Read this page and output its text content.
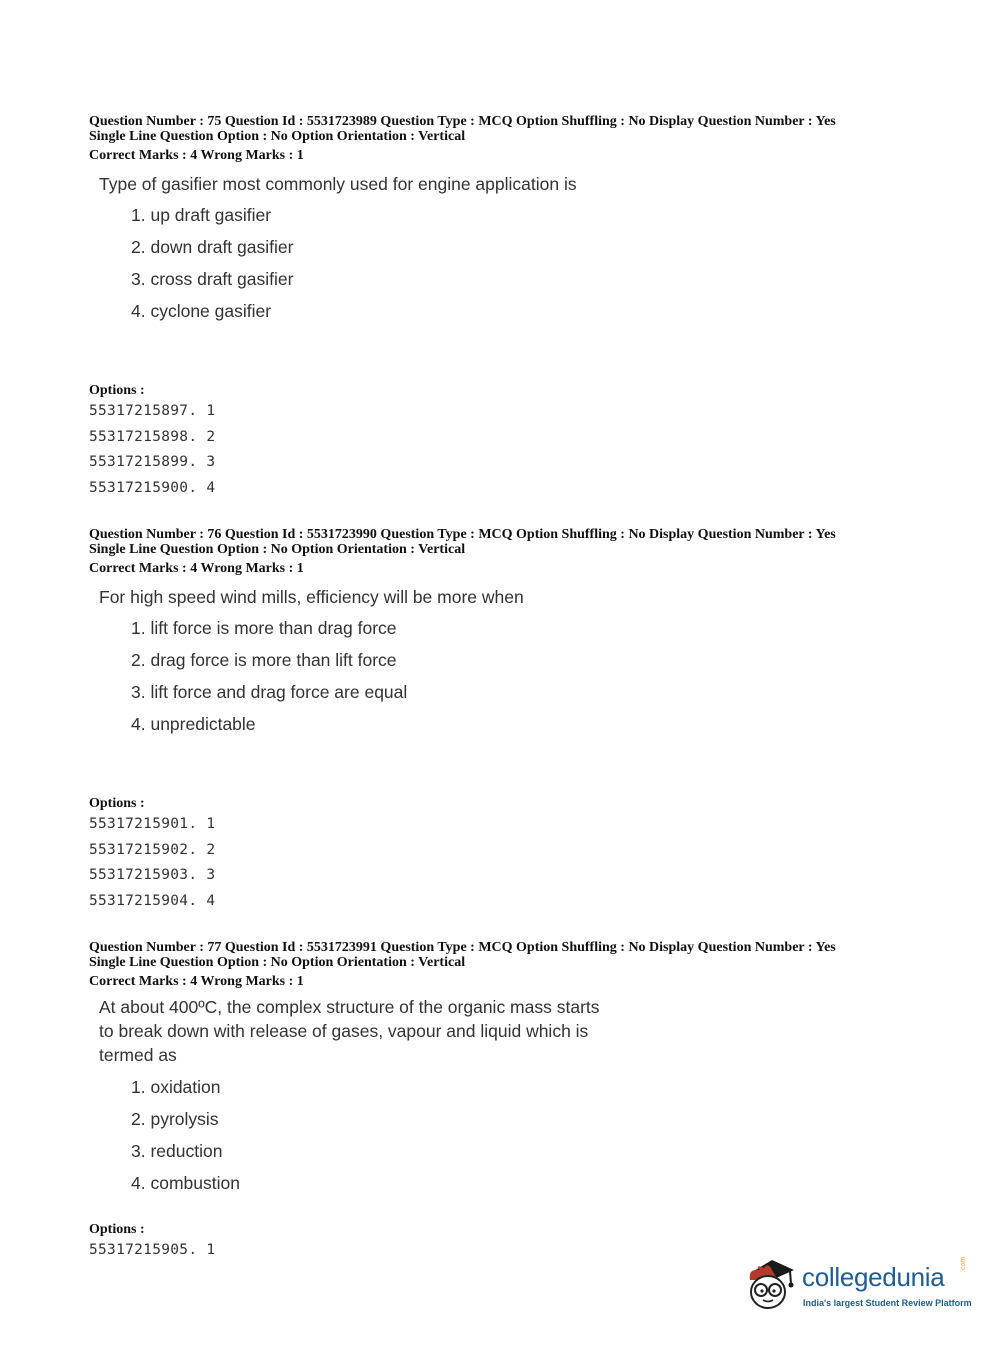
Question Number : 75 Question Id : 5531723989 Question Type : MCQ Option Shuffling : No Display Question Number : Yes
Single Line Question Option : No Option Orientation : Vertical
Correct Marks : 4 Wrong Marks : 1
Type of gasifier most commonly used for engine application is
1. up draft gasifier
2. down draft gasifier
3. cross draft gasifier
4. cyclone gasifier
Options :
55317215897. 1
55317215898. 2
55317215899. 3
55317215900. 4
Question Number : 76 Question Id : 5531723990 Question Type : MCQ Option Shuffling : No Display Question Number : Yes
Single Line Question Option : No Option Orientation : Vertical
Correct Marks : 4 Wrong Marks : 1
For high speed wind mills, efficiency will be more when
1. lift force is more than drag force
2. drag force is more than lift force
3. lift force and drag force are equal
4. unpredictable
Options :
55317215901. 1
55317215902. 2
55317215903. 3
55317215904. 4
Question Number : 77 Question Id : 5531723991 Question Type : MCQ Option Shuffling : No Display Question Number : Yes
Single Line Question Option : No Option Orientation : Vertical
Correct Marks : 4 Wrong Marks : 1
At about 400ºC, the complex structure of the organic mass starts
to break down with release of gases, vapour and liquid which is
termed as
1. oxidation
2. pyrolysis
3. reduction
4. combustion
Options :
55317215905. 1
collegedunia .com
India's largest Student Review Platform
